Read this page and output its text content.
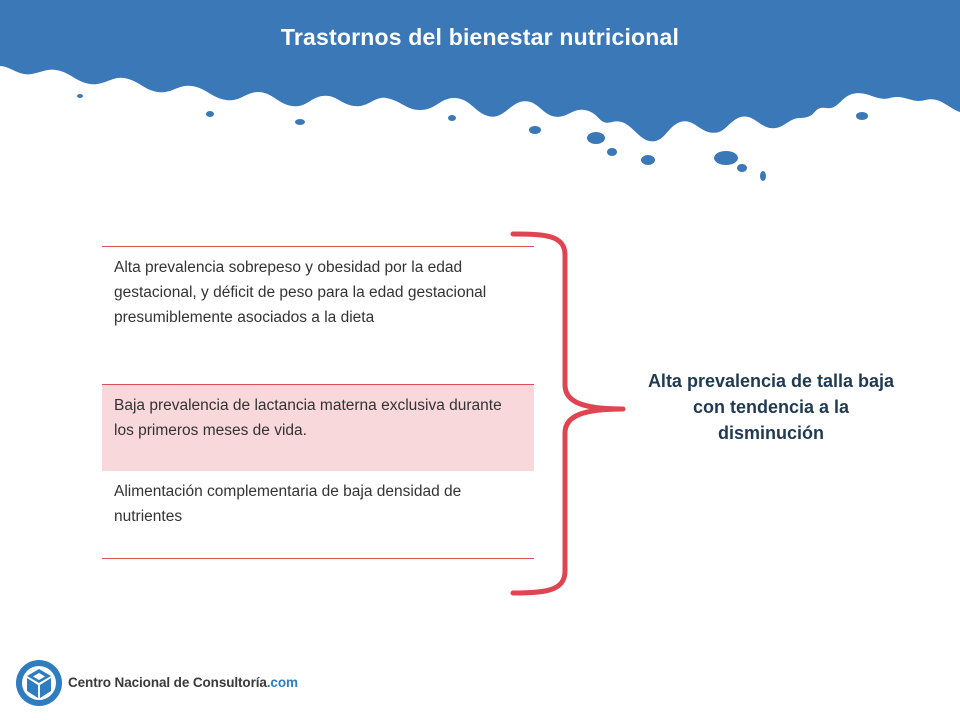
Trastornos del bienestar nutricional
Alta prevalencia sobrepeso y obesidad por la edad gestacional, y déficit de peso para la edad gestacional presumiblemente asociados a la dieta
Baja prevalencia de lactancia materna exclusiva durante los primeros meses de vida.
Alimentación complementaria de baja densidad de nutrientes
Alta prevalencia de talla baja con tendencia a la disminución
Centro Nacional de Consultoría.com
